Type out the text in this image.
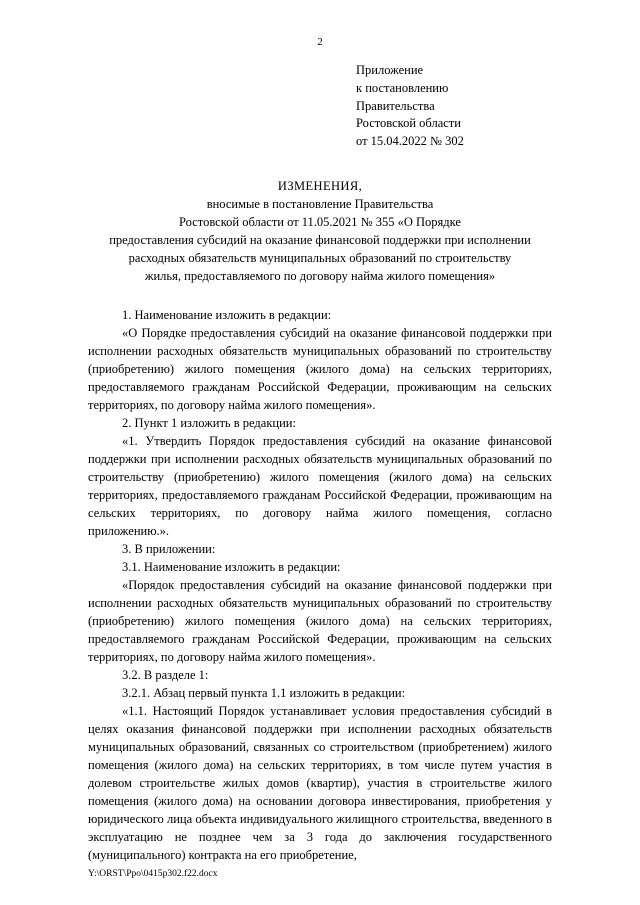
2
Приложение
к постановлению
Правительства
Ростовской области
от 15.04.2022 № 302
ИЗМЕНЕНИЯ,
вносимые в постановление Правительства
Ростовской области от 11.05.2021 № 355 «О Порядке
предоставления субсидий на оказание финансовой поддержки при исполнении
расходных обязательств муниципальных образований по строительству
жилья, предоставляемого по договору найма жилого помещения»

1. Наименование изложить в редакции:

«О Порядке предоставления субсидий на оказание финансовой поддержки при исполнении расходных обязательств муниципальных образований по строительству (приобретению) жилого помещения (жилого дома) на сельских территориях, предоставляемого гражданам Российской Федерации, проживающим на сельских территориях, по договору найма жилого помещения».

2. Пункт 1 изложить в редакции:

«1. Утвердить Порядок предоставления субсидий на оказание финансовой поддержки при исполнении расходных обязательств муниципальных образований по строительству (приобретению) жилого помещения (жилого дома) на сельских территориях, предоставляемого гражданам Российской Федерации, проживающим на сельских территориях, по договору найма жилого помещения, согласно приложению.».

3. В приложении:

3.1. Наименование изложить в редакции:

«Порядок предоставления субсидий на оказание финансовой поддержки при исполнении расходных обязательств муниципальных образований по строительству (приобретению) жилого помещения (жилого дома) на сельских территориях, предоставляемого гражданам Российской Федерации, проживающим на сельских территориях, по договору найма жилого помещения».

3.2. В разделе 1:

3.2.1. Абзац первый пункта 1.1 изложить в редакции:

«1.1. Настоящий Порядок устанавливает условия предоставления субсидий в целях оказания финансовой поддержки при исполнении расходных обязательств муниципальных образований, связанных со строительством (приобретением) жилого помещения (жилого дома) на сельских территориях, в том числе путем участия в долевом строительстве жилых домов (квартир), участия в строительстве жилого помещения (жилого дома) на основании договора инвестирования, приобретения у юридического лица объекта индивидуального жилищного строительства, введенного в эксплуатацию не позднее чем за 3 года до заключения государственного (муниципального) контракта на его приобретение,

Y:\ORST\Ppo\0415p302.f22.docx
